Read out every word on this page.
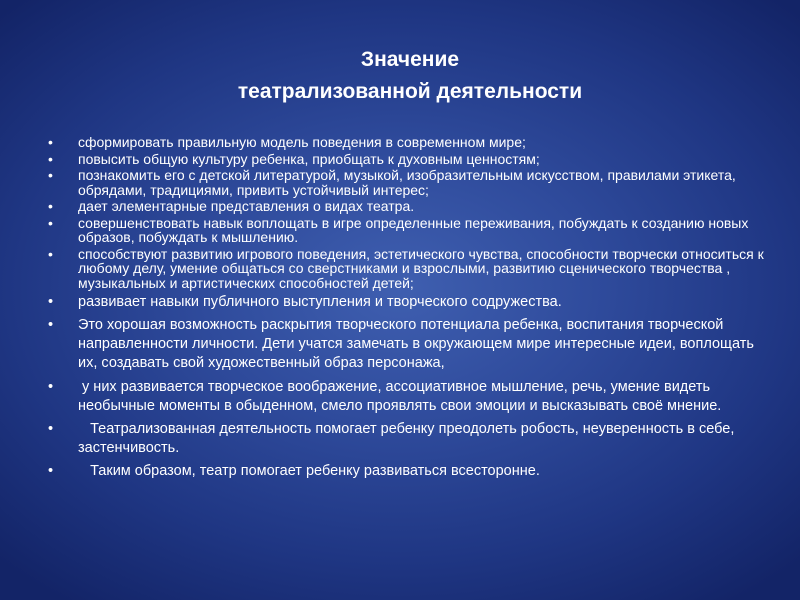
Значение
театрализованной деятельности
• сформировать правильную модель поведения в современном мире;
• повысить общую культуру ребенка, приобщать к духовным ценностям;
• познакомить его с детской литературой, музыкой, изобразительным искусством, правилами этикета, обрядами, традициями, привить устойчивый интерес;
• дает элементарные представления о видах театра.
• совершенствовать навык воплощать в игре определенные переживания, побуждать к созданию новых образов, побуждать к мышлению.
• способствуют развитию игрового поведения, эстетического чувства, способности творчески относиться к любому делу, умение общаться со сверстниками и взрослыми, развитию сценического творчества , музыкальных и артистических способностей детей;
• развивает навыки публичного выступления и творческого содружества.
• Это хорошая возможность раскрытия творческого потенциала ребенка, воспитания творческой направленности личности. Дети учатся замечать в окружающем мире интересные идеи, воплощать их, создавать свой художественный образ персонажа,
•  у них развивается творческое воображение, ассоциативное мышление, речь, умение видеть необычные моменты в обыденном, смело проявлять свои эмоции и высказывать своё мнение.
•    Театрализованная деятельность помогает ребенку преодолеть робость, неуверенность в себе, застенчивость.
•    Таким образом, театр помогает ребенку развиваться всесторонне.
